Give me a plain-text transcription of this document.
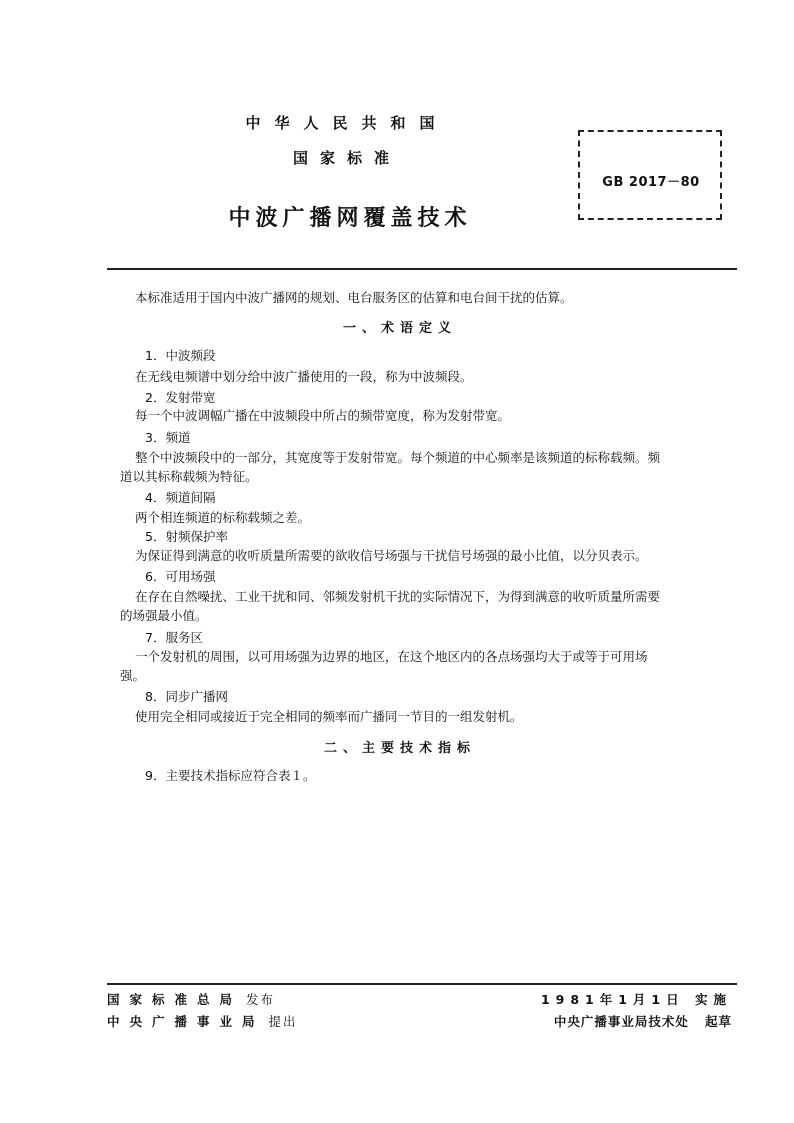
中华人民共和国
国家标准
中波广播网覆盖技术
GB 2017－80
本标准适用于国内中波广播网的规划、电台服务区的估算和电台间干扰的估算。
一、术语定义
1．中波频段
在无线电频谱中划分给中波广播使用的一段，称为中波频段。
2．发射带宽
每一个中波调幅广播在中波频段中所占的频带宽度，称为发射带宽。
3．频道
整个中波频段中的一部分，其宽度等于发射带宽。每个频道的中心频率是该频道的标称载频。频
道以其标称载频为特征。
4．频道间隔
两个相连频道的标称载频之差。
5．射频保护率
为保证得到满意的收听质量所需要的欲收信号场强与干扰信号场强的最小比值，以分贝表示。
6．可用场强
在存在自然噪扰、工业干扰和同、邻频发射机干扰的实际情况下，为得到满意的收听质量所需要
的场强最小值。
7．服务区
一个发射机的周围，以可用场强为边界的地区，在这个地区内的各点场强均大于或等于可用场
强。
8．同步广播网
使用完全相同或接近于完全相同的频率而广播同一节目的一组发射机。
二、主要技术指标
9．主要技术指标应符合表１。
国家标准总局 发布
中央广播事业局 提出
1981年1月1日 实施
中央广播事业局技术处 起草
